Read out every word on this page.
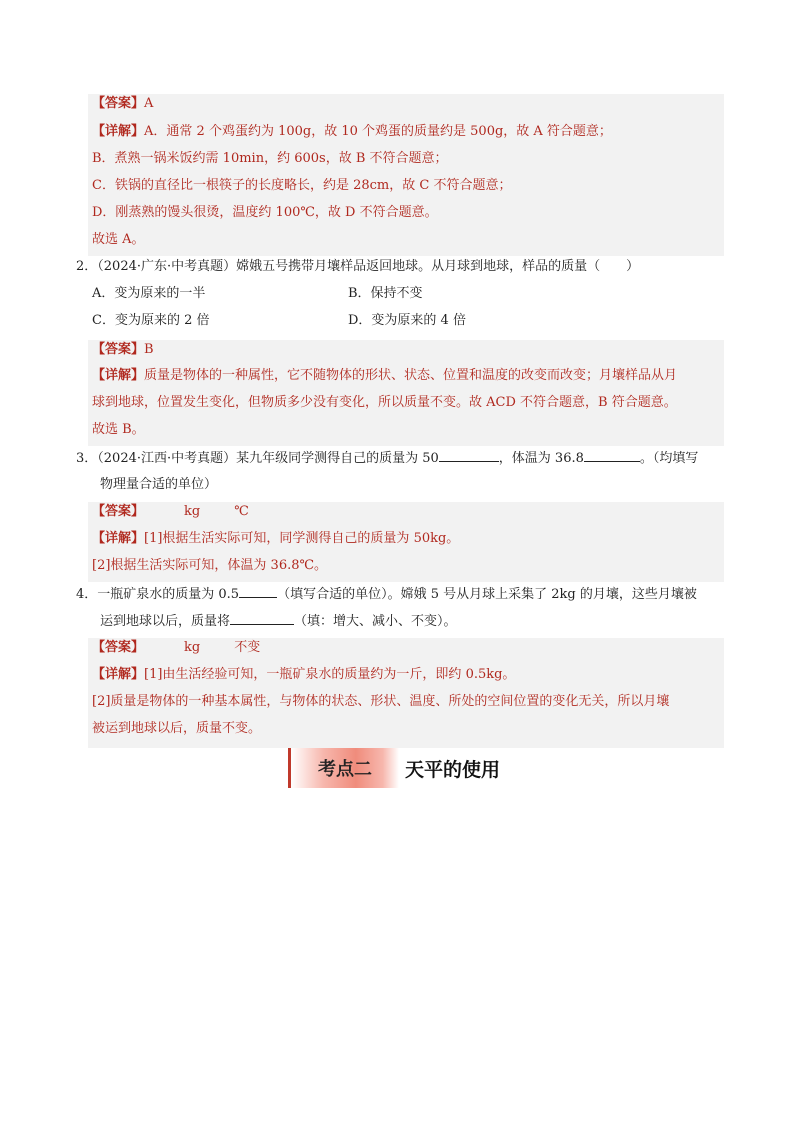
【答案】A
【详解】A．通常 2 个鸡蛋约为 100g，故 10 个鸡蛋的质量约是 500g，故 A 符合题意；
B．煮熟一锅米饭约需 10min，约 600s，故 B 不符合题意；
C．铁锅的直径比一根筷子的长度略长，约是 28cm，故 C 不符合题意；
D．刚蒸熟的馒头很烫，温度约 100℃，故 D 不符合题意。
故选 A。
2．（2024·广东·中考真题）嫦娥五号携带月壤样品返回地球。从月球到地球，样品的质量（　　）
A．变为原来的一半	B．保持不变
C．变为原来的 2 倍	D．变为原来的 4 倍
【答案】B
【详解】质量是物体的一种属性，它不随物体的形状、状态、位置和温度的改变而改变；月壤样品从月
球到地球，位置发生变化，但物质多少没有变化，所以质量不变。故 ACD 不符合题意，B 符合题意。
故选 B。
3．（2024·江西·中考真题）某九年级同学测得自己的质量为 50	，体温为 36.8	。（均填写
物理量合适的单位）
【答案】	kg	℃
【详解】[1]根据生活实际可知，同学测得自己的质量为 50kg。
[2]根据生活实际可知，体温为 36.8℃。
4．一瓶矿泉水的质量为 0.5	（填写合适的单位）。嫦娥 5 号从月球上采集了 2kg 的月壤，这些月壤被
运到地球以后，质量将	（填：增大、减小、不变）。
【答案】	kg	不变
【详解】[1]由生活经验可知，一瓶矿泉水的质量约为一斤，即约 0.5kg。
[2]质量是物体的一种基本属性，与物体的状态、形状、温度、所处的空间位置的变化无关，所以月壤
被运到地球以后，质量不变。
考点二	天平的使用
